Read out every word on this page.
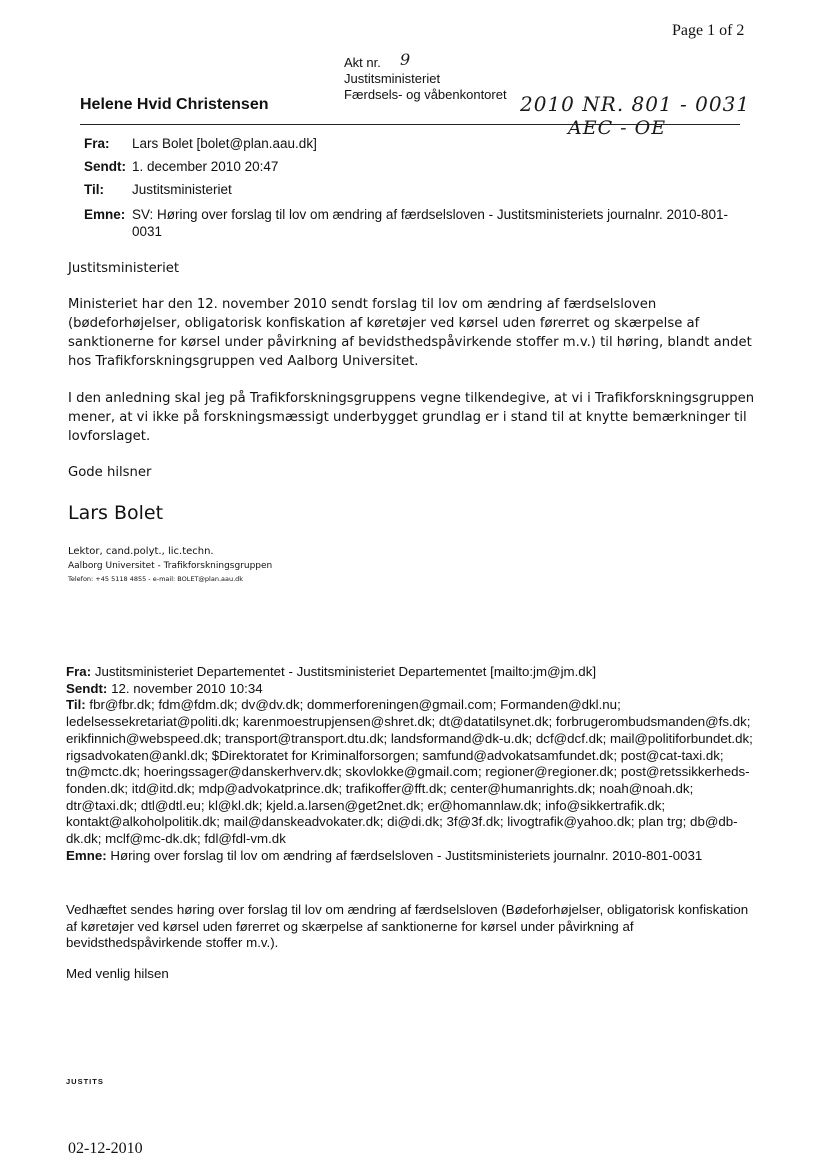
Page 1 of 2
Akt nr.
Justitsministeriet
Færdsels- og våbenkontoret
9
2010 NR. 801 - 0031
AEC - OE
Helene Hvid Christensen
Fra: Lars Bolet [bolet@plan.aau.dk]
Sendt: 1. december 2010 20:47
Til: Justitsministeriet
Emne: SV: Høring over forslag til lov om ændring af færdselsloven - Justitsministeriets journalnr. 2010-801-0031
Justitsministeriet
Ministeriet har den 12. november 2010 sendt forslag til lov om ændring af færdselsloven (bødeforhøjelser, obligatorisk konfiskation af køretøjer ved kørsel uden førerret og skærpelse af sanktionerne for kørsel under påvirkning af bevidsthedspåvirkende stoffer m.v.) til høring, blandt andet hos Trafikforskningsgruppen ved Aalborg Universitet.
I den anledning skal jeg på Trafikforskningsgruppens vegne tilkendegive, at vi i Trafikforskningsgruppen mener, at vi ikke på forskningsmæssigt underbygget grundlag er i stand til at knytte bemærkninger til lovforslaget.
Gode hilsner
Lars Bolet
Lektor, cand.polyt., lic.techn.
Aalborg Universitet - Trafikforskningsgruppen
Telefon: +45 5118 4855 - e-mail: BOLET@plan.aau.dk

Fra: Justitsministeriet Departementet - Justitsministeriet Departementet [mailto:jm@jm.dk]

Sendt: 12. november 2010 10:34

Til: fbr@fbr.dk; fdm@fdm.dk; dv@dv.dk; dommerforeningen@gmail.com; Formanden@dkl.nu; ledelsessekretariat@politi.dk; karenmoestrupjensen@shret.dk; dt@datatilsynet.dk; forbrugerombudsmanden@fs.dk; erikfinnich@webspeed.dk; transport@transport.dtu.dk; landsformand@dk-u.dk; dcf@dcf.dk; mail@politiforbundet.dk; rigsadvokaten@ankl.dk; $Direktoratet for Kriminalforsorgen; samfund@advokatsamfundet.dk; post@cat-taxi.dk; tn@mctc.dk; hoeringssager@danskerhverv.dk; skovlokke@gmail.com; regioner@regioner.dk; post@retssikkerheds-fonden.dk; itd@itd.dk; mdp@advokatprince.dk; trafikoffer@fft.dk; center@humanrights.dk; noah@noah.dk; dtr@taxi.dk; dtl@dtl.eu; kl@kl.dk; kjeld.a.larsen@get2net.dk; er@homannlaw.dk; info@sikkertrafik.dk; kontakt@alkoholpolitik.dk; mail@danskeadvokater.dk; di@di.dk; 3f@3f.dk; livogtrafik@yahoo.dk; plan trg; db@db-dk.dk; mclf@mc-dk.dk; fdl@fdl-vm.dk

Emne: Høring over forslag til lov om ændring af færdselsloven - Justitsministeriets journalnr. 2010-801-0031

Vedhæftet sendes høring over forslag til lov om ændring af færdselsloven (Bødeforhøjelser, obligatorisk konfiskation af køretøjer ved kørsel uden førerret og skærpelse af sanktionerne for kørsel under påvirkning af bevidsthedspåvirkende stoffer m.v.).
Med venlig hilsen
JUSTITS
02-12-2010
